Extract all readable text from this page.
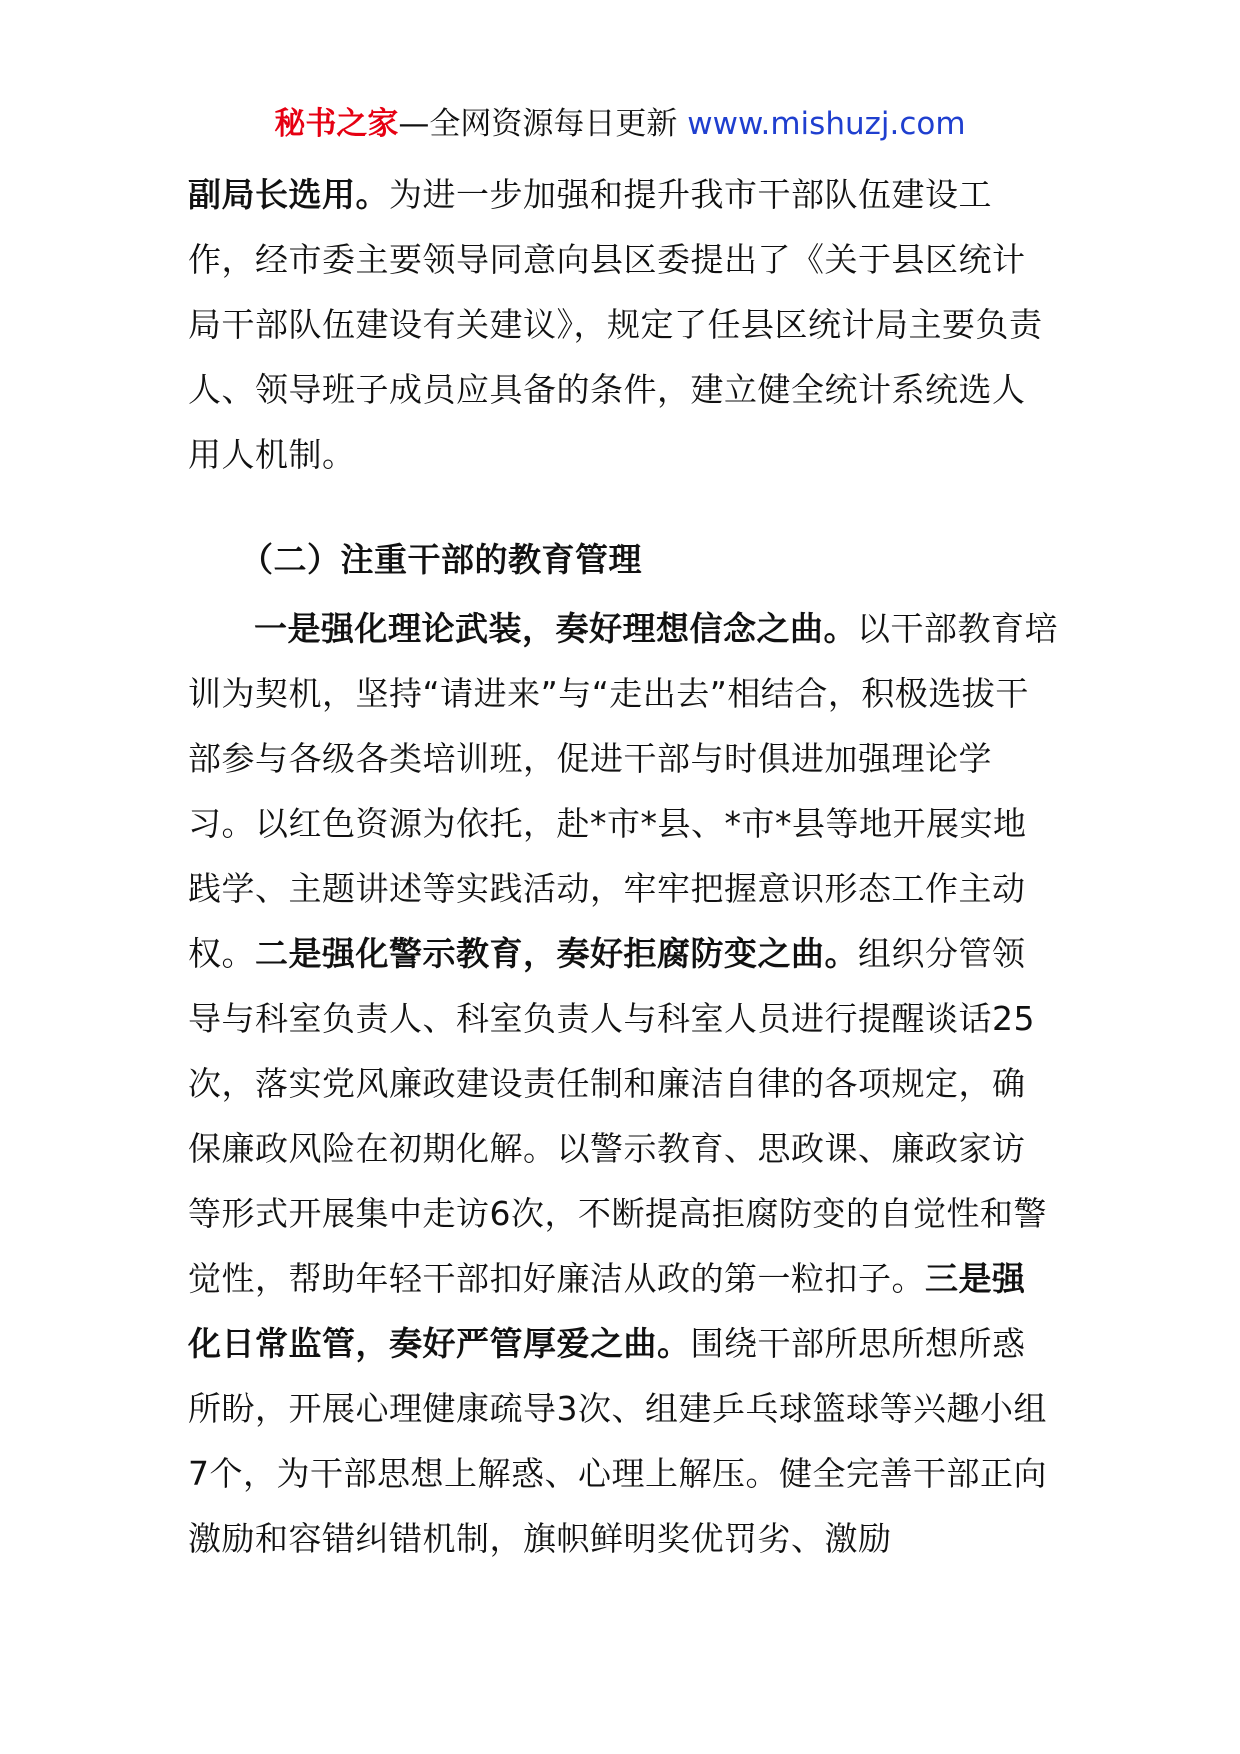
秘书之家—全网资源每日更新 www.mishuzj.com

副局长选用。为进一步加强和提升我市干部队伍建设工作，经市委主要领导同意向县区委提出了《关于县区统计局干部队伍建设有关建议》，规定了任县区统计局主要负责人、领导班子成员应具备的条件，建立健全统计系统选人用人机制。

（二）注重干部的教育管理

一是强化理论武装，奏好理想信念之曲。以干部教育培训为契机，坚持“请进来”与“走出去”相结合，积极选拔干部参与各级各类培训班，促进干部与时俱进加强理论学习。以红色资源为依托，赴*市*县、*市*县等地开展实地践学、主题讲述等实践活动，牢牢把握意识形态工作主动权。二是强化警示教育，奏好拒腐防变之曲。组织分管领导与科室负责人、科室负责人与科室人员进行提醒谈话25次，落实党风廉政建设责任制和廉洁自律的各项规定，确保廉政风险在初期化解。以警示教育、思政课、廉政家访等形式开展集中走访6次，不断提高拒腐防变的自觉性和警觉性，帮助年轻干部扣好廉洁从政的第一粒扣子。三是强化日常监管，奏好严管厚爱之曲。围绕干部所思所想所惑所盼，开展心理健康疏导3次、组建乒乓球篮球等兴趣小组7个，为干部思想上解惑、心理上解压。健全完善干部正向激励和容错纠错机制，旗帜鲜明奖优罚劣、激励
